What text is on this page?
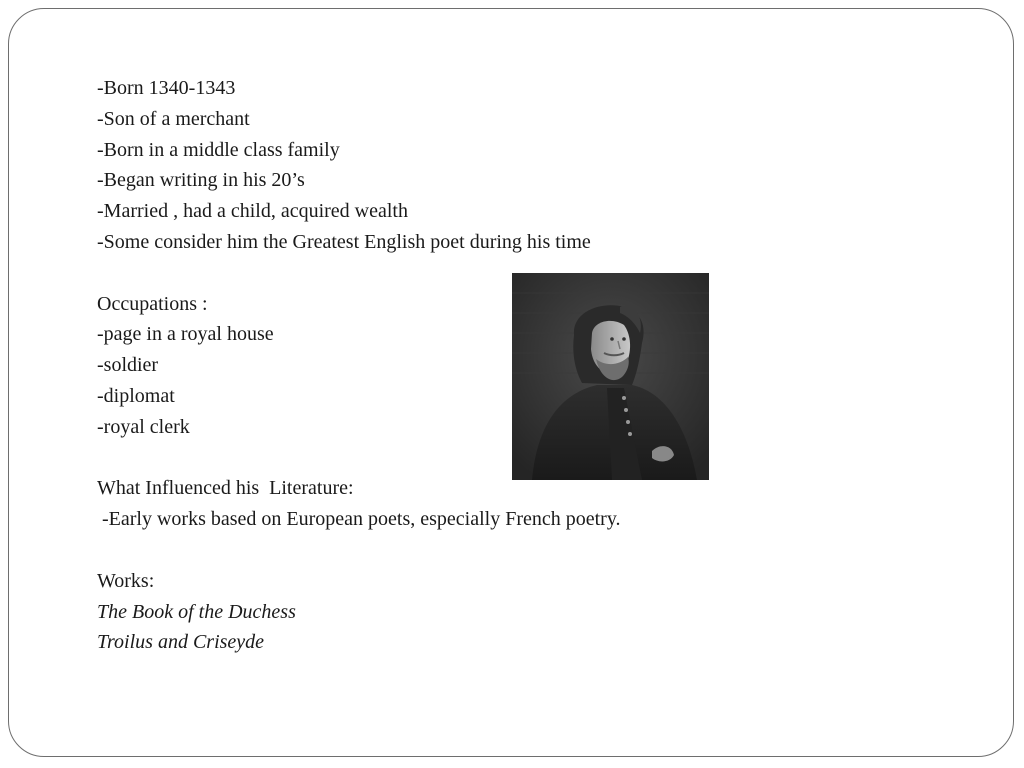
-Born 1340-1343
-Son of a merchant
-Born in a middle class family
-Began writing in his 20’s
-Married , had a child, acquired wealth
-Some consider him the Greatest English poet during his time
Occupations :
-page in a royal house
-soldier
-diplomat
-royal clerk
What Influenced his  Literature:
-Early works based on European poets, especially French poetry.
Works:
The Book of the Duchess
Troilus and Criseyde
